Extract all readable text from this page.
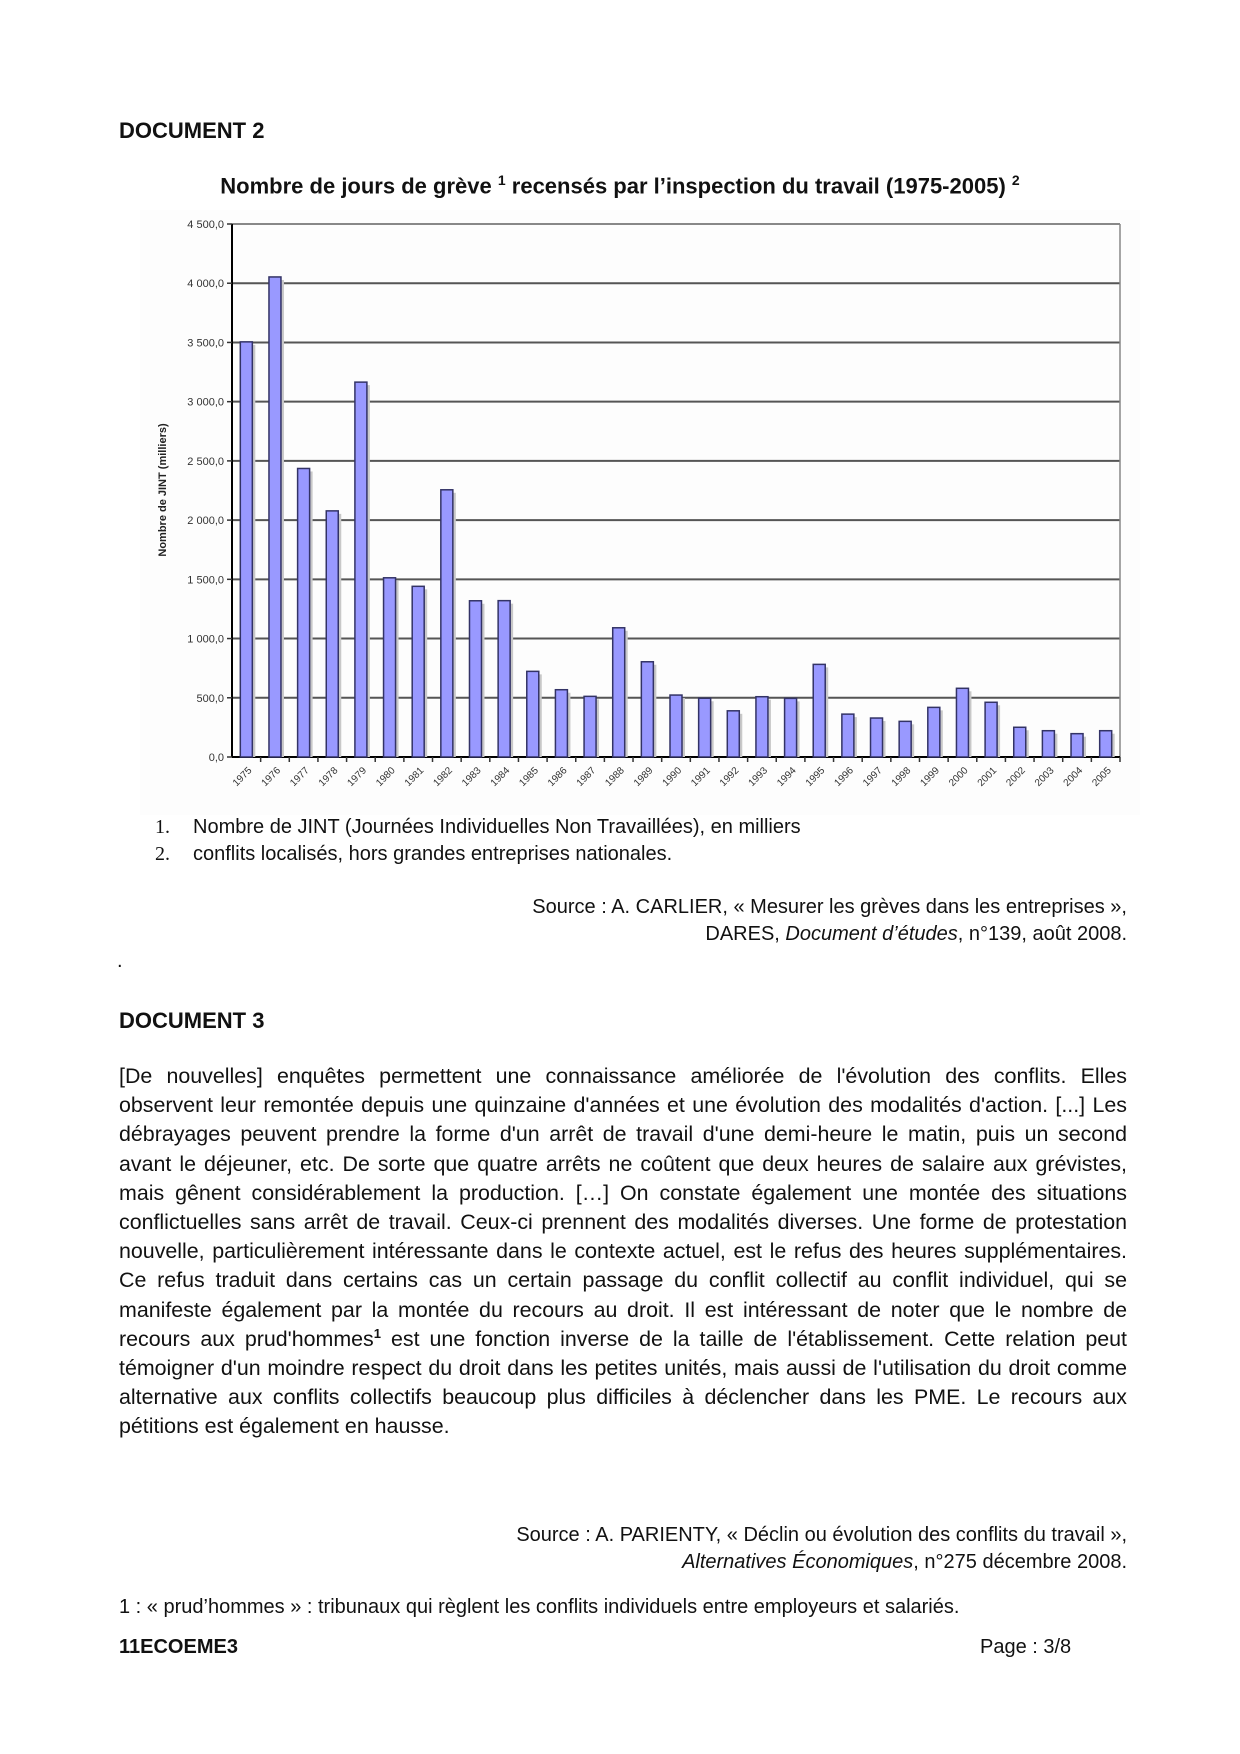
DOCUMENT 2
Nombre de jours de grève $^1$ recensés par l’inspection du travail (1975-2005) $^2$
0,0
500,0
1 000,0
1 500,0
2 000,0
2 500,0
3 000,0
3 500,0
4 000,0
4 500,0
1975 1976 1977 1978 1979 1980 1981 1982 1983 1984 1985 1986 1987 1988 1989 1990 1991 1992 1993 1994 1995 1996 1997 1998 1999 2000 2001 2002 2003 2004 2005
Nombre de JINT (milliers)
1. Nombre de JINT (Journées Individuelles Non Travaillées), en milliers
2. conflits localisés, hors grandes entreprises nationales.
Source : A. CARLIER, « Mesurer les grèves dans les entreprises »,
DARES, Document d’études, n°139, août 2008.
.
DOCUMENT 3
[De nouvelles] enquêtes permettent une connaissance améliorée de l'évolution des conflits. Elles observent leur remontée depuis une quinzaine d'années et une évolution des modalités d'action. [...] Les débrayages peuvent prendre la forme d'un arrêt de travail d'une demi-heure le matin, puis un second avant le déjeuner, etc. De sorte que quatre arrêts ne coûtent que deux heures de salaire aux grévistes, mais gênent considérablement la production. […] On constate également une montée des situations conflictuelles sans arrêt de travail. Ceux-ci prennent des modalités diverses. Une forme de protestation nouvelle, particulièrement intéressante dans le contexte actuel, est le refus des heures supplémentaires. Ce refus traduit dans certains cas un certain passage du conflit collectif au conflit individuel, qui se manifeste également par la montée du recours au droit. Il est intéressant de noter que le nombre de recours aux prud'hommes$^1$ est une fonction inverse de la taille de l'établissement. Cette relation peut témoigner d'un moindre respect du droit dans les petites unités, mais aussi de l'utilisation du droit comme alternative aux conflits collectifs beaucoup plus difficiles à déclencher dans les PME. Le recours aux pétitions est également en hausse.
Source : A. PARIENTY, « Déclin ou évolution des conflits du travail »,
Alternatives Économiques, n°275 décembre 2008.
1 : « prud’hommes » : tribunaux qui règlent les conflits individuels entre employeurs et salariés.
11ECOEME3	Page : 3/8
